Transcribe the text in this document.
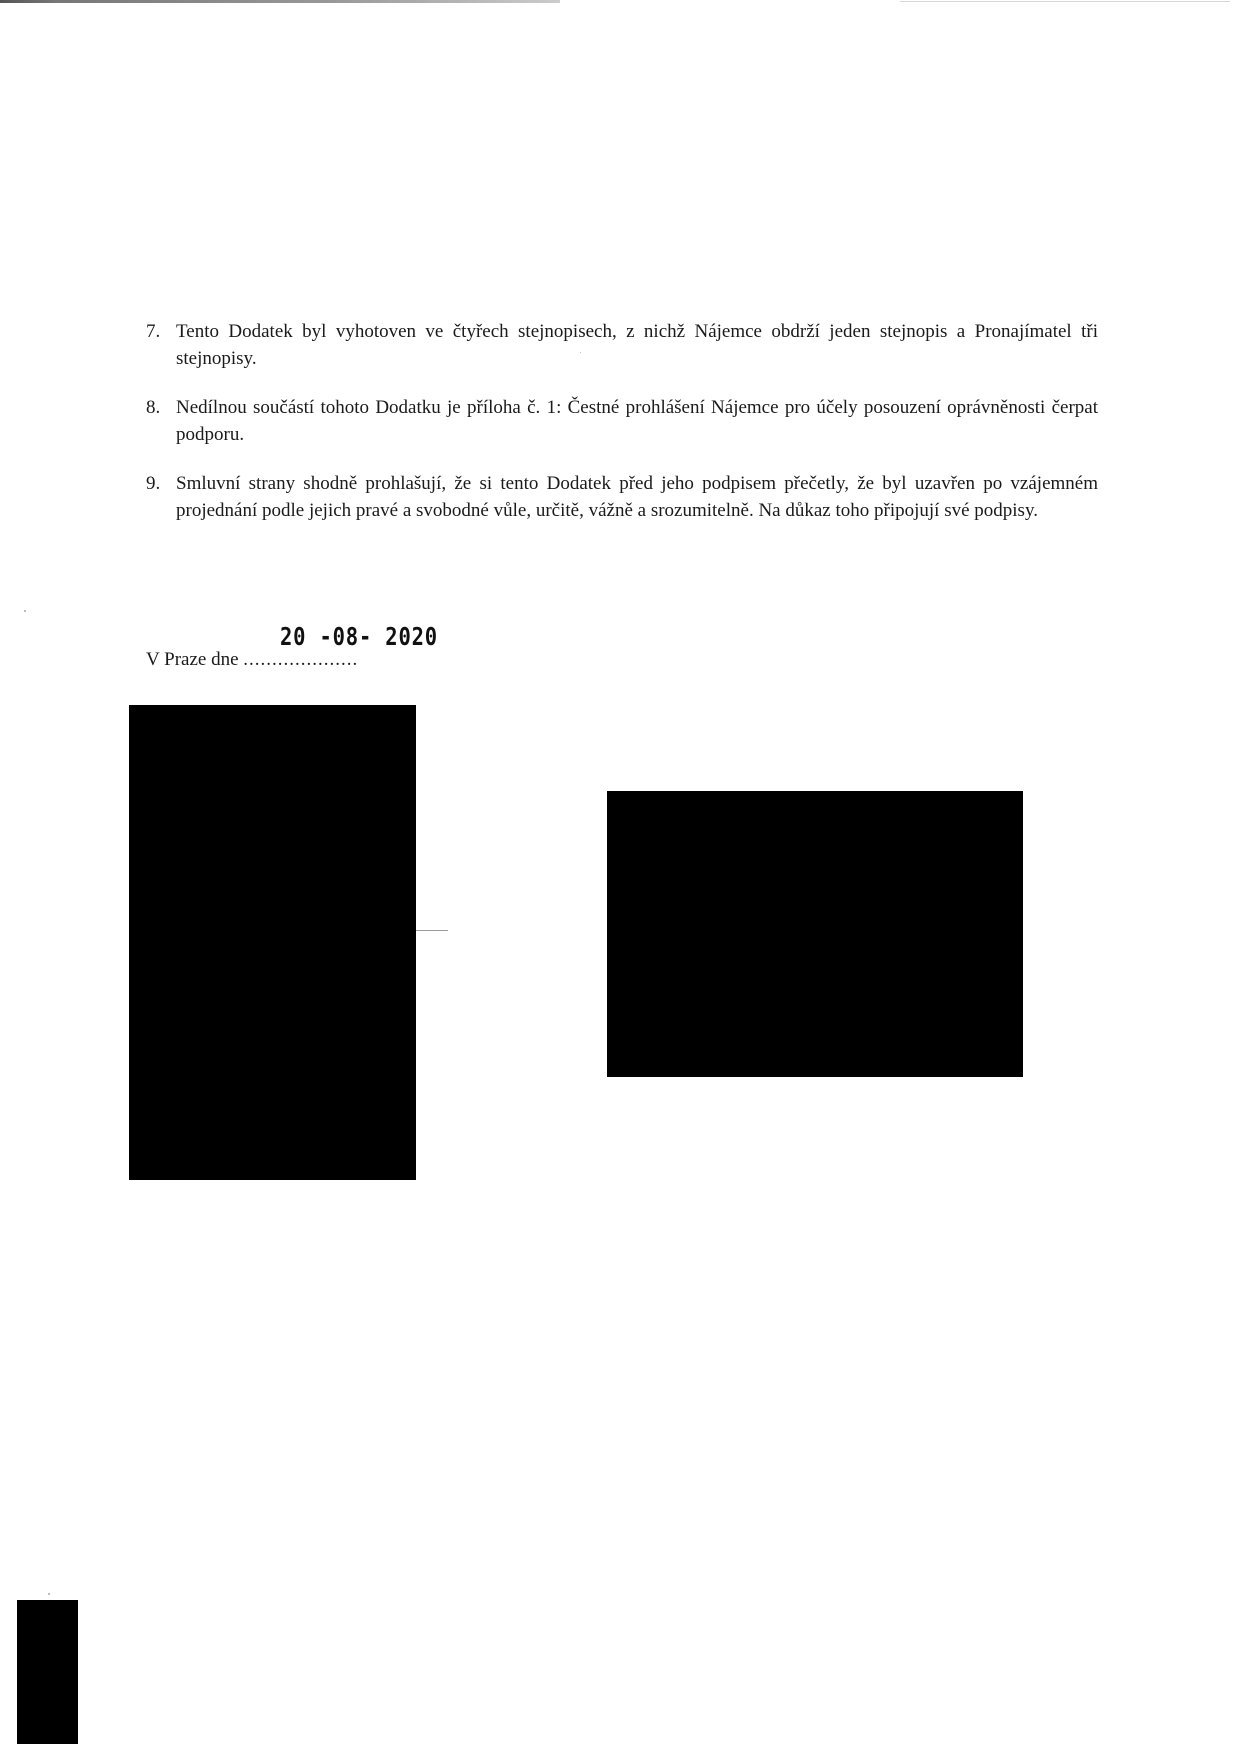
7. Tento Dodatek byl vyhotoven ve čtyřech stejnopisech, z nichž Nájemce obdrží jeden stejnopis a Pronajímatel tři stejnopisy.
8. Nedílnou součástí tohoto Dodatku je příloha č. 1: Čestné prohlášení Nájemce pro účely posouzení oprávněnosti čerpat podporu.
9. Smluvní strany shodně prohlašují, že si tento Dodatek před jeho podpisem přečetly, že byl uzavřen po vzájemném projednání podle jejich pravé a svobodné vůle, určitě, vážně a srozumitelně. Na důkaz toho připojují své podpisy.
20 -08- 2020
V Praze dne ....................
